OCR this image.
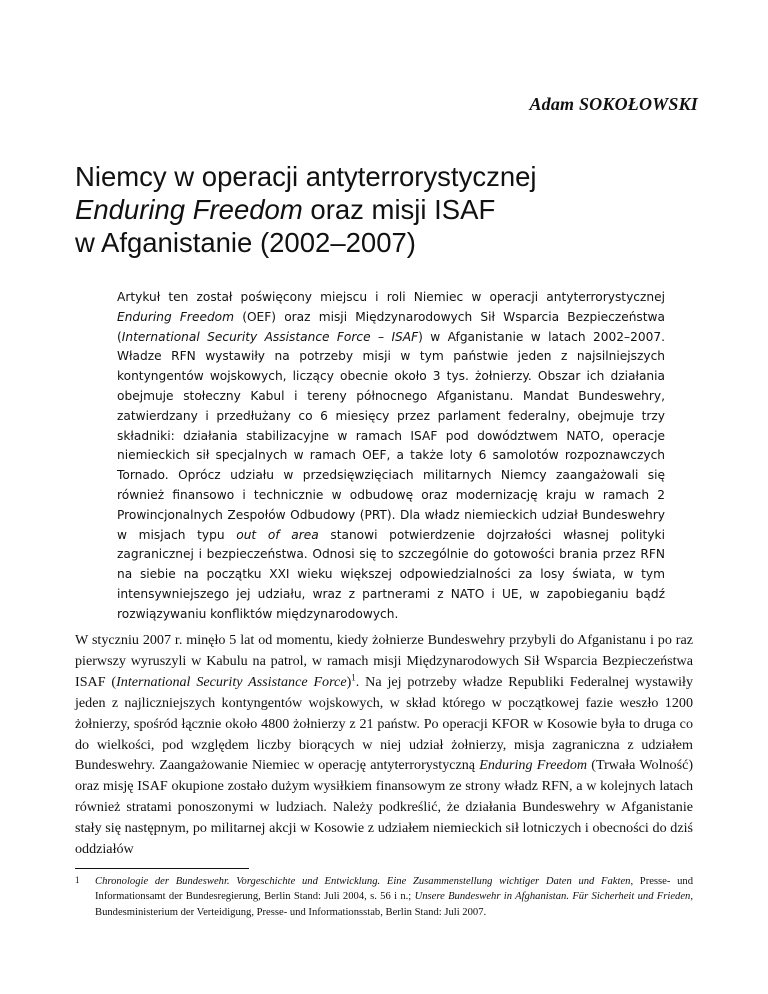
Adam SOKOŁOWSKI
Niemcy w operacji antyterrorystycznej
Enduring Freedom oraz misji ISAF
w Afganistanie (2002–2007)

Artykuł ten został poświęcony miejscu i roli Niemiec w operacji antyterrorystycznej Enduring Freedom (OEF) oraz misji Międzynarodowych Sił Wsparcia Bezpieczeństwa (International Security Assistance Force – ISAF) w Afganistanie w latach 2002–2007. Władze RFN wystawiły na potrzeby misji w tym państwie jeden z najsilniejszych kontyngentów wojskowych, liczący obecnie około 3 tys. żołnierzy. Obszar ich działania obejmuje stołeczny Kabul i tereny północnego Afganistanu. Mandat Bundeswehry, zatwierdzany i przedłużany co 6 miesięcy przez parlament federalny, obejmuje trzy składniki: działania stabilizacyjne w ramach ISAF pod dowództwem NATO, operacje niemieckich sił specjalnych w ramach OEF, a także loty 6 samolotów rozpoznawczych Tornado. Oprócz udziału w przedsięwzięciach militarnych Niemcy zaangażowali się również finansowo i technicznie w odbudowę oraz modernizację kraju w ramach 2 Prowincjonalnych Zespołów Odbudowy (PRT). Dla władz niemieckich udział Bundeswehry w misjach typu out of area stanowi potwierdzenie dojrzałości własnej polityki zagranicznej i bezpieczeństwa. Odnosi się to szczególnie do gotowości brania przez RFN na siebie na początku XXI wieku większej odpowiedzialności za losy świata, w tym intensywniejszego jej udziału, wraz z partnerami z NATO i UE, w zapobieganiu bądź rozwiązywaniu konfliktów międzynarodowych.

W styczniu 2007 r. minęło 5 lat od momentu, kiedy żołnierze Bundeswehry przybyli do Afganistanu i po raz pierwszy wyruszyli w Kabulu na patrol, w ramach misji Międzynarodowych Sił Wsparcia Bezpieczeństwa ISAF (International Security Assistance Force)$^1$. Na jej potrzeby władze Republiki Federalnej wystawiły jeden z najliczniejszych kontyngentów wojskowych, w skład którego w początkowej fazie weszło 1200 żołnierzy, spośród łącznie około 4800 żołnierzy z 21 państw. Po operacji KFOR w Kosowie była to druga co do wielkości, pod względem liczby biorących w niej udział żołnierzy, misja zagraniczna z udziałem Bundeswehry. Zaangażowanie Niemiec w operację antyterrorystyczną Enduring Freedom (Trwała Wolność) oraz misję ISAF okupione zostało dużym wysiłkiem finansowym ze strony władz RFN, a w kolejnych latach również stratami ponoszonymi w ludziach. Należy podkreślić, że działania Bundeswehry w Afganistanie stały się następnym, po militarnej akcji w Kosowie z udziałem niemieckich sił lotniczych i obecności do dziś oddziałów

1	Chronologie der Bundeswehr. Vorgeschichte und Entwicklung. Eine Zusammenstellung wichtiger Daten und Fakten, Presse- und Informationsamt der Bundesregierung, Berlin Stand: Juli 2004, s. 56 i n.; Unsere Bundeswehr in Afghanistan. Für Sicherheit und Frieden, Bundesministerium der Verteidigung, Presse- und Informationsstab, Berlin Stand: Juli 2007.
